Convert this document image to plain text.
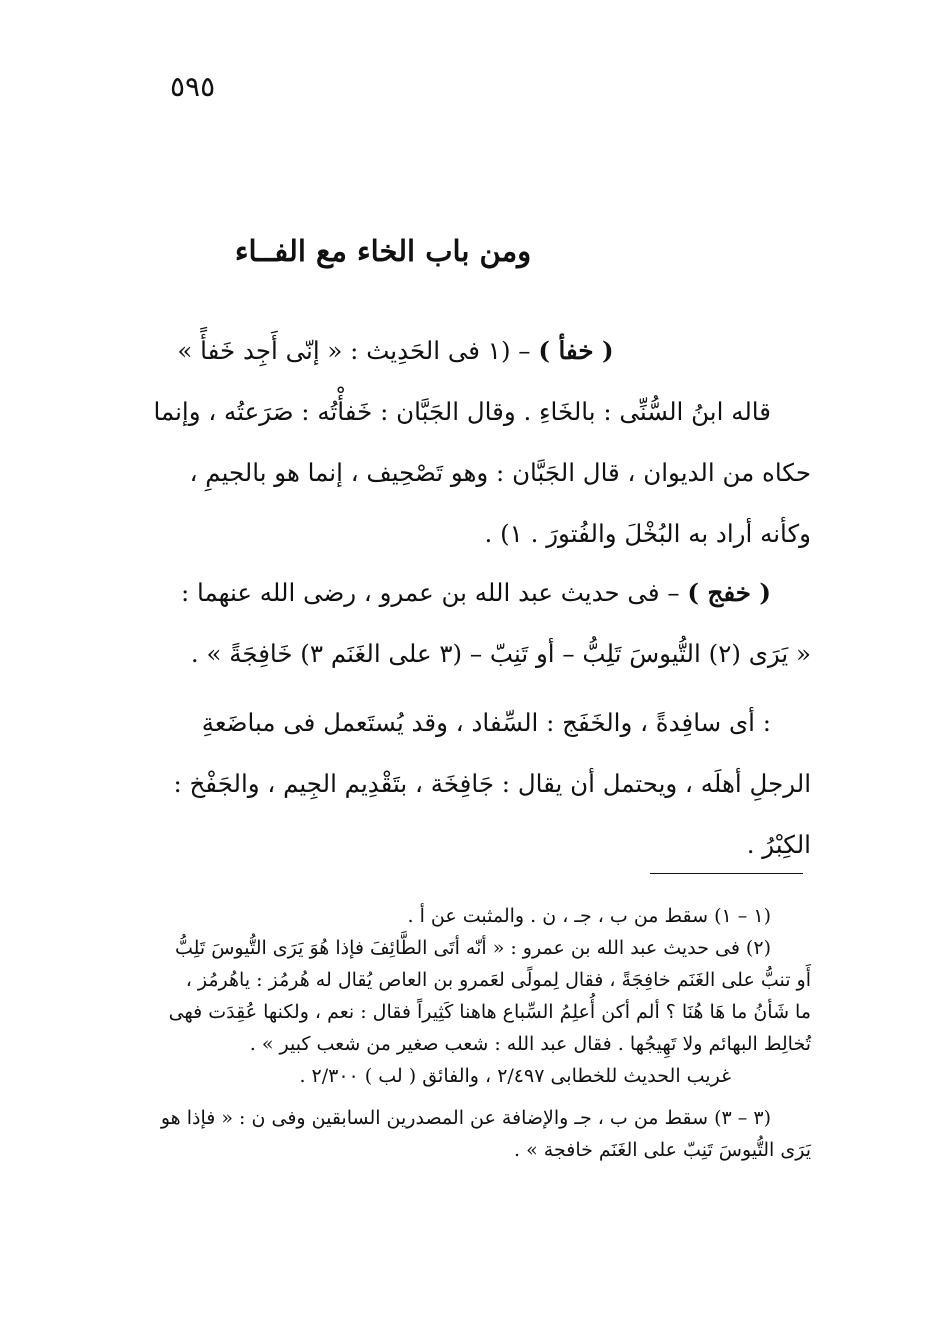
٥٩٥
ومن باب الخاء مع الفــاء

( خفأ ) – (١ فى الحَدِيث : « إنّى أَجِد خَفأً »

قاله ابنُ السُّنِّى : بالخَاءِ . وقال الجَبَّان : خَفأْتُه : صَرَعتُه ، وإنما

حكاه من الديوان ، قال الجَبَّان : وهو تَصْحِيف ، إنما هو بالجيمِ ،

وكأنه أراد به البُخْلَ والفُتورَ . ١) .

( خفج ) – فى حديث عبد الله بن عمرو ، رضى الله عنهما :

« يَرَى (٢) التُّيوسَ تَلِبُّ – أو تَنِبّ – (٣ على الغَنَم ٣) خَافِجَةً » .

: أى سافِدةً ، والخَفَج : السِّفاد ، وقد يُستَعمل فى مباضَعةِ

الرجلِ أهلَه ، ويحتمل أن يقال : جَافِخَة ، بتَقْدِيم الجِيم ، والجَفْخ :

الكِبْرُ .

(١ – ١) سقط من ب ، جـ ، ن . والمثبت عن أ .

(٢) فى حديث عبد الله بن عمرو : « أنّه أتَى الطَّائِفَ فإذا هُوَ يَرَى التُّيوسَ تَلِبُّ

أَو تنبُّ على الغَنَم خافِجَةً ، فقال لِمولًى لعَمرو بن العاص يُقال له هُرمُز : ياهُرمُز ،

ما شَأنُ ما هَا هُنَا ؟ ألم أكن أُعلِمُ السِّباع هاهنا كَثِيراً فقال : نعم ، ولكنها عُقِدَت فهى

تُخالِط البهائم ولا تَهِيجُها . فقال عبد الله : شعب صغير من شعب كبير » .

غريب الحديث للخطابى ٢/٤٩٧ ، والفائق ( لب ) ٢/٣٠٠ .

(٣ – ٣) سقط من ب ، جـ والإضافة عن المصدرين السابقين وفى ن : « فإذا هو

يَرَى التُّيوسَ تَنِبّ على الغَنَم خافجة » .
